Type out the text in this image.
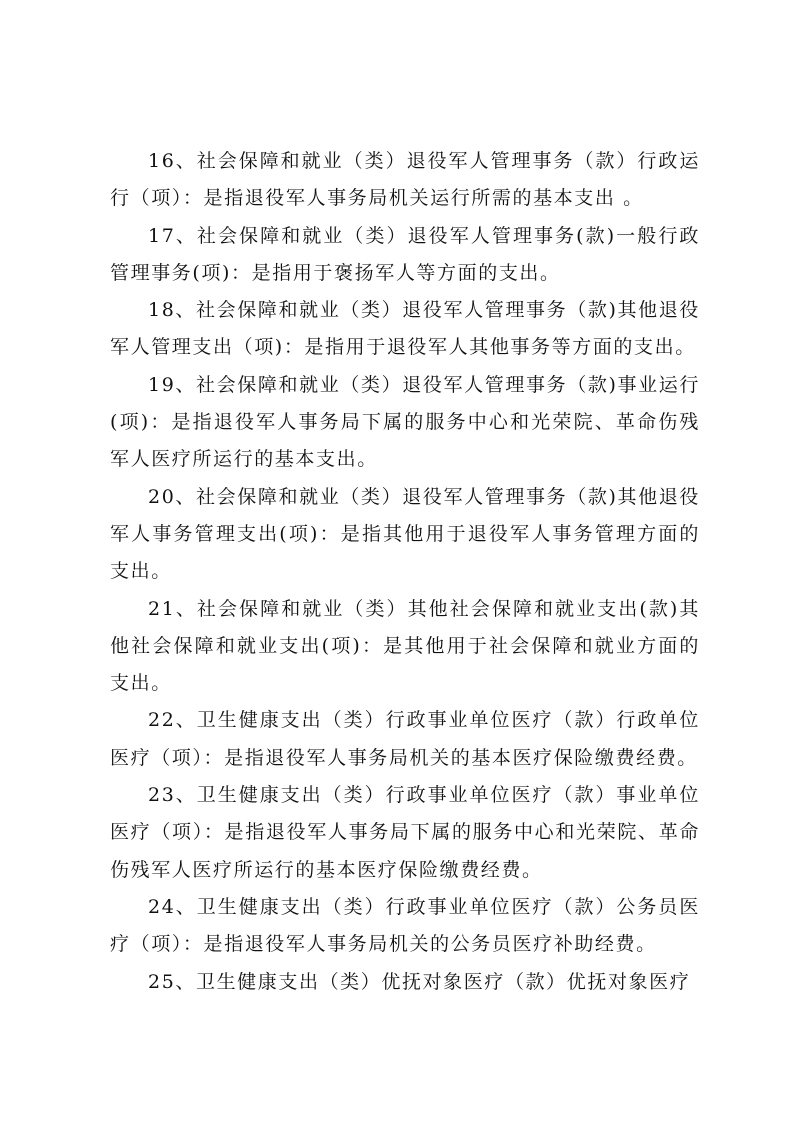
16、社会保障和就业（类）退役军人管理事务（款）行政运行（项）：是指退役军人事务局机关运行所需的基本支出 。

17、社会保障和就业（类）退役军人管理事务(款)一般行政管理事务(项)：是指用于褒扬军人等方面的支出。

18、社会保障和就业（类）退役军人管理事务（款)其他退役军人管理支出（项)：是指用于退役军人其他事务等方面的支出。

19、社会保障和就业（类）退役军人管理事务（款)事业运行(项)：是指退役军人事务局下属的服务中心和光荣院、革命伤残军人医疗所运行的基本支出。

20、社会保障和就业（类）退役军人管理事务（款)其他退役军人事务管理支出(项)：是指其他用于退役军人事务管理方面的支出。

21、社会保障和就业（类）其他社会保障和就业支出(款)其他社会保障和就业支出(项)：是其他用于社会保障和就业方面的支出。

22、卫生健康支出（类）行政事业单位医疗（款）行政单位医疗（项）：是指退役军人事务局机关的基本医疗保险缴费经费。

23、卫生健康支出（类）行政事业单位医疗（款）事业单位医疗（项）：是指退役军人事务局下属的服务中心和光荣院、革命伤残军人医疗所运行的基本医疗保险缴费经费。

24、卫生健康支出（类）行政事业单位医疗（款）公务员医疗（项）：是指退役军人事务局机关的公务员医疗补助经费。

25、卫生健康支出（类）优抚对象医疗（款）优抚对象医疗
